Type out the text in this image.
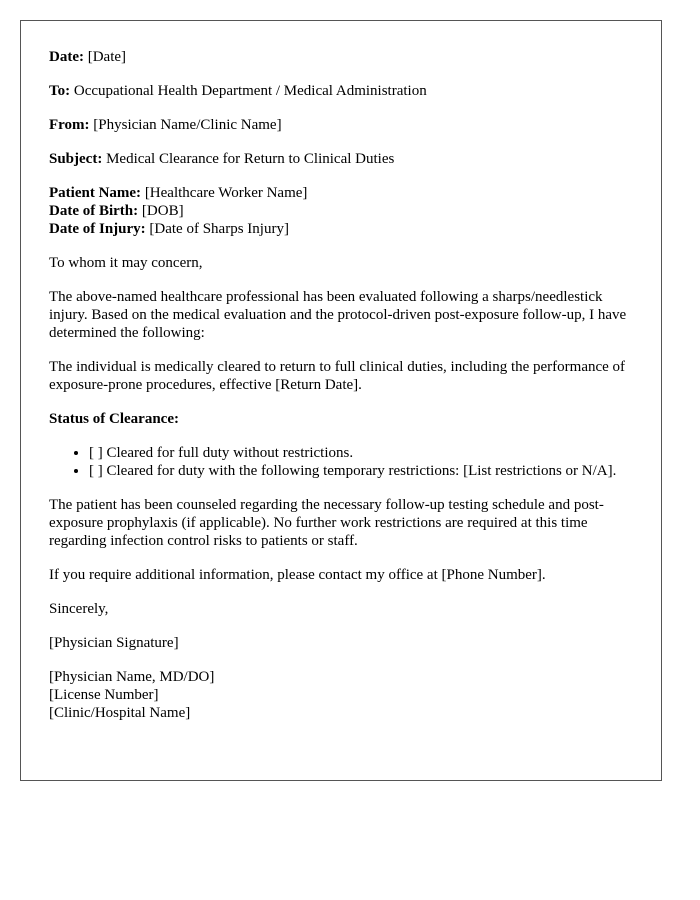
Date: [Date]

To: Occupational Health Department / Medical Administration

From: [Physician Name/Clinic Name]

Subject: Medical Clearance for Return to Clinical Duties

Patient Name: [Healthcare Worker Name]
Date of Birth: [DOB]
Date of Injury: [Date of Sharps Injury]

To whom it may concern,

The above-named healthcare professional has been evaluated following a sharps/needlestick injury. Based on the medical evaluation and the protocol-driven post-exposure follow-up, I have determined the following:

The individual is medically cleared to return to full clinical duties, including the performance of exposure-prone procedures, effective [Return Date].

Status of Clearance:

• [ ] Cleared for full duty without restrictions.
• [ ] Cleared for duty with the following temporary restrictions: [List restrictions or N/A].

The patient has been counseled regarding the necessary follow-up testing schedule and post-exposure prophylaxis (if applicable). No further work restrictions are required at this time regarding infection control risks to patients or staff.

If you require additional information, please contact my office at [Phone Number].

Sincerely,

[Physician Signature]

[Physician Name, MD/DO]
[License Number]
[Clinic/Hospital Name]
